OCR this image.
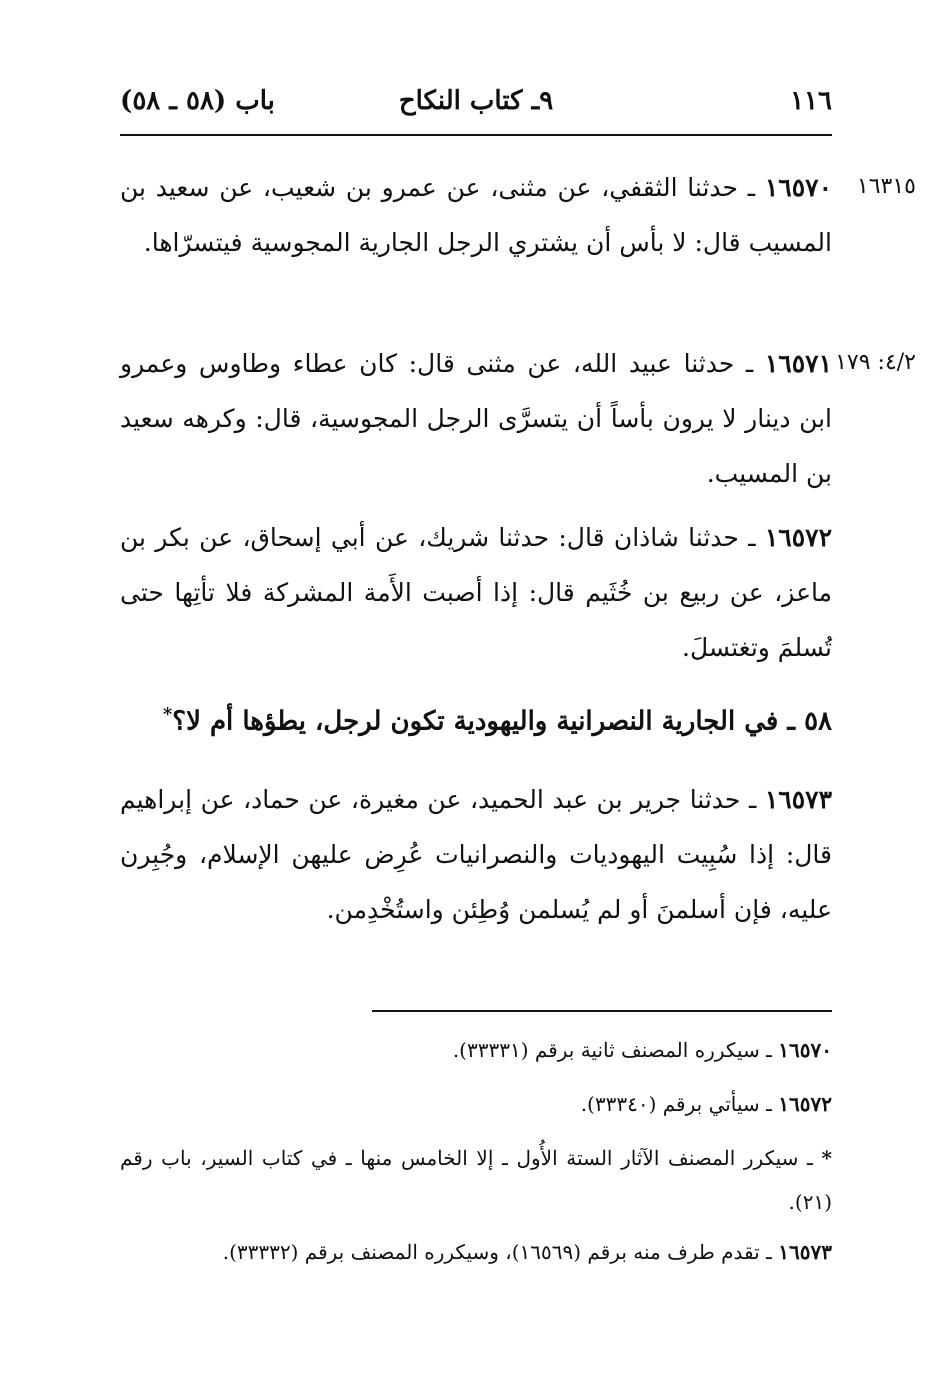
١١٦
٩ـ كتاب النكاح
باب (٥٨ ـ ٥٨)
١٦٣١٥
١٦٥٧٠ ـ حدثنا الثقفي، عن مثنى، عن عمرو بن شعيب، عن سعيد بن المسيب قال: لا بأس أن يشتري الرجل الجارية المجوسية فيتسرّاها.
٤/٢: ١٧٩
١٦٥٧١ ـ حدثنا عبيد الله، عن مثنى قال: كان عطاء وطاوس وعمرو ابن دينار لا يرون بأساً أن يتسرَّى الرجل المجوسية، قال: وكرهه سعيد بن المسيب.
١٦٥٧٢ ـ حدثنا شاذان قال: حدثنا شريك، عن أبي إسحاق، عن بكر بن ماعز، عن ربيع بن خُثَيم قال: إذا أصبت الأَمة المشركة فلا تأتِها حتى تُسلمَ وتغتسلَ.
٥٨ ـ في الجارية النصرانية واليهودية تكون لرجل، يطؤها أم لا؟*
١٦٥٧٣ ـ حدثنا جرير بن عبد الحميد، عن مغيرة، عن حماد، عن إبراهيم قال: إذا سُبِيت اليهوديات والنصرانيات عُرِض عليهن الإسلام، وجُبِرن عليه، فإن أسلمنَ أو لم يُسلمن وُطِئن واستُخْدِمن.
١٦٥٧٠ ـ سيكرره المصنف ثانية برقم (٣٣٣٣١).
١٦٥٧٢ ـ سيأتي برقم (٣٣٣٤٠).
* ـ سيكرر المصنف الآثار الستة الأُول ـ إلا الخامس منها ـ في كتاب السير، باب رقم (٢١).
١٦٥٧٣ ـ تقدم طرف منه برقم (١٦٥٦٩)، وسيكرره المصنف برقم (٣٣٣٣٢).
